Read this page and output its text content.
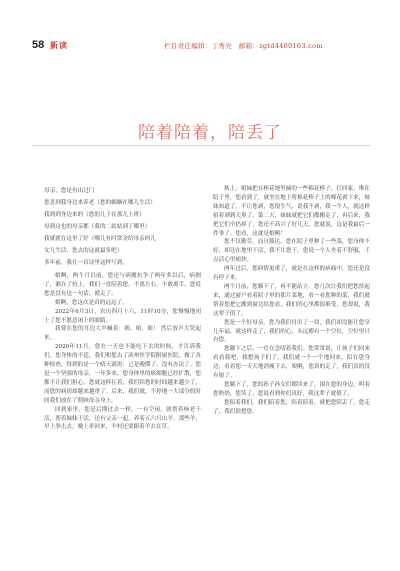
58 新读	栏目责任编辑：丁秀亮　邮箱：zgtd4400163.com
陪着陪着，陪丢了
母亲，您是有出过门
您喜到我身边来养老（您的姻姻在哪儿生活）
我到到身边来的（您的儿子在那儿上班）
母到这也的母亲都（我的二姑姑到了哪里）
我就就在这里了好（哪儿有时常金给母亲的儿
女儿生活，您去的这就最多吧）
多年前，我在一首诗里这样写到。

娘啊，两个月以前，您还与病魔抗争了两年多以后，病倒了，躺在了炕上。我们一直陪着您，不离左右，不敢离手，您说您是没有这一句话，就走了。

娘啊，您这次是真的远远了。

2022年6月3日，农历四月十六，11时10分，您慢慢地闭上了您不愿意闭上的眼睛。

我要在您的耳边大声喊着：娘、娘、娘！ 然后放声大哭起来。

2020年11月，您在一天也不能吃下去的时候，才告诉我们，您身体的不适，我们和您去了滨州医学院附属医院，做了各种检查，得到的是一个晴天霹雳：已是晚期了，没有办法了。您是一个坚强的母亲，一年多来，您身体里的癌细胞已经扩散，您都不让我们担心，您就这样扛着，我们陪您的时间越来越少了，而您的病情却越来越重了。后来，我们就，不停地一大部分的时间我们放在了照顾母亲身上。

回到家里，您是后期过去一样，一有空闲，就帮着杨老干活，帮着妹妹干活，还有父亲一起，养着五六只山羊。那些羊，早上拳击去，晚上牵回来，羊村还要跟着羊去在草。

秋上，娘妹把在棒花地里摘的一些棉花棒子，扛回家，堆在院子里，您看到了，就坐在地上将棉花棒子上的棉花剥下来，妹妹知道了，不让您剥，您很生气，说我不剥，我一个人，就这样抬着剥到天黑了。第二天，妹妹就把它们都搬走了，再后来，我把它们全扔掉了，您还不高兴了好几天，您就说，这是我最后一件事了。您看，这就是娘啊！

您不仅勤劳，而且豁达。您在院子里种了一些菜，您身体不好，却还在地里干活，我不让您干，您说一个人坐着不舒服，干点活心里痛快。

两年过后，您病情更重了，就是在这样的病痛中，您还是没有停下来。

两个月前，您躺下了，再不能站立。您几次让我们把您扶起来，通过窗户看着院子里的那片菜地，看一看您种的菜，我们就帮着您把它搬到窗边给您看，我们的心里都很难受，您却说，我这辈子值了。

您是一个好母亲。您为我们付出了一切，我们却没能让您享几年福，就这样走了，我们的心，永远都有一个空位，空位里只有您。

您躺下之后，一直在念叨着我们。您常常说，让孩子们回来看看我吧，我想孩子们了。我们就一个一个地回来，陪在您身边，看着您一天天地消瘦下去，娘啊，您真的走了，我们真的没有娘了。

您躺下了，您的孙子孙女们都回来了，围在您的身边，叫着您奶奶，您笑了，您说看到你们真好，我这辈子就值了。

您陪着我们，我们陪着您，陪着陪着，就把您陪丢了。您走了，我们很想您。
